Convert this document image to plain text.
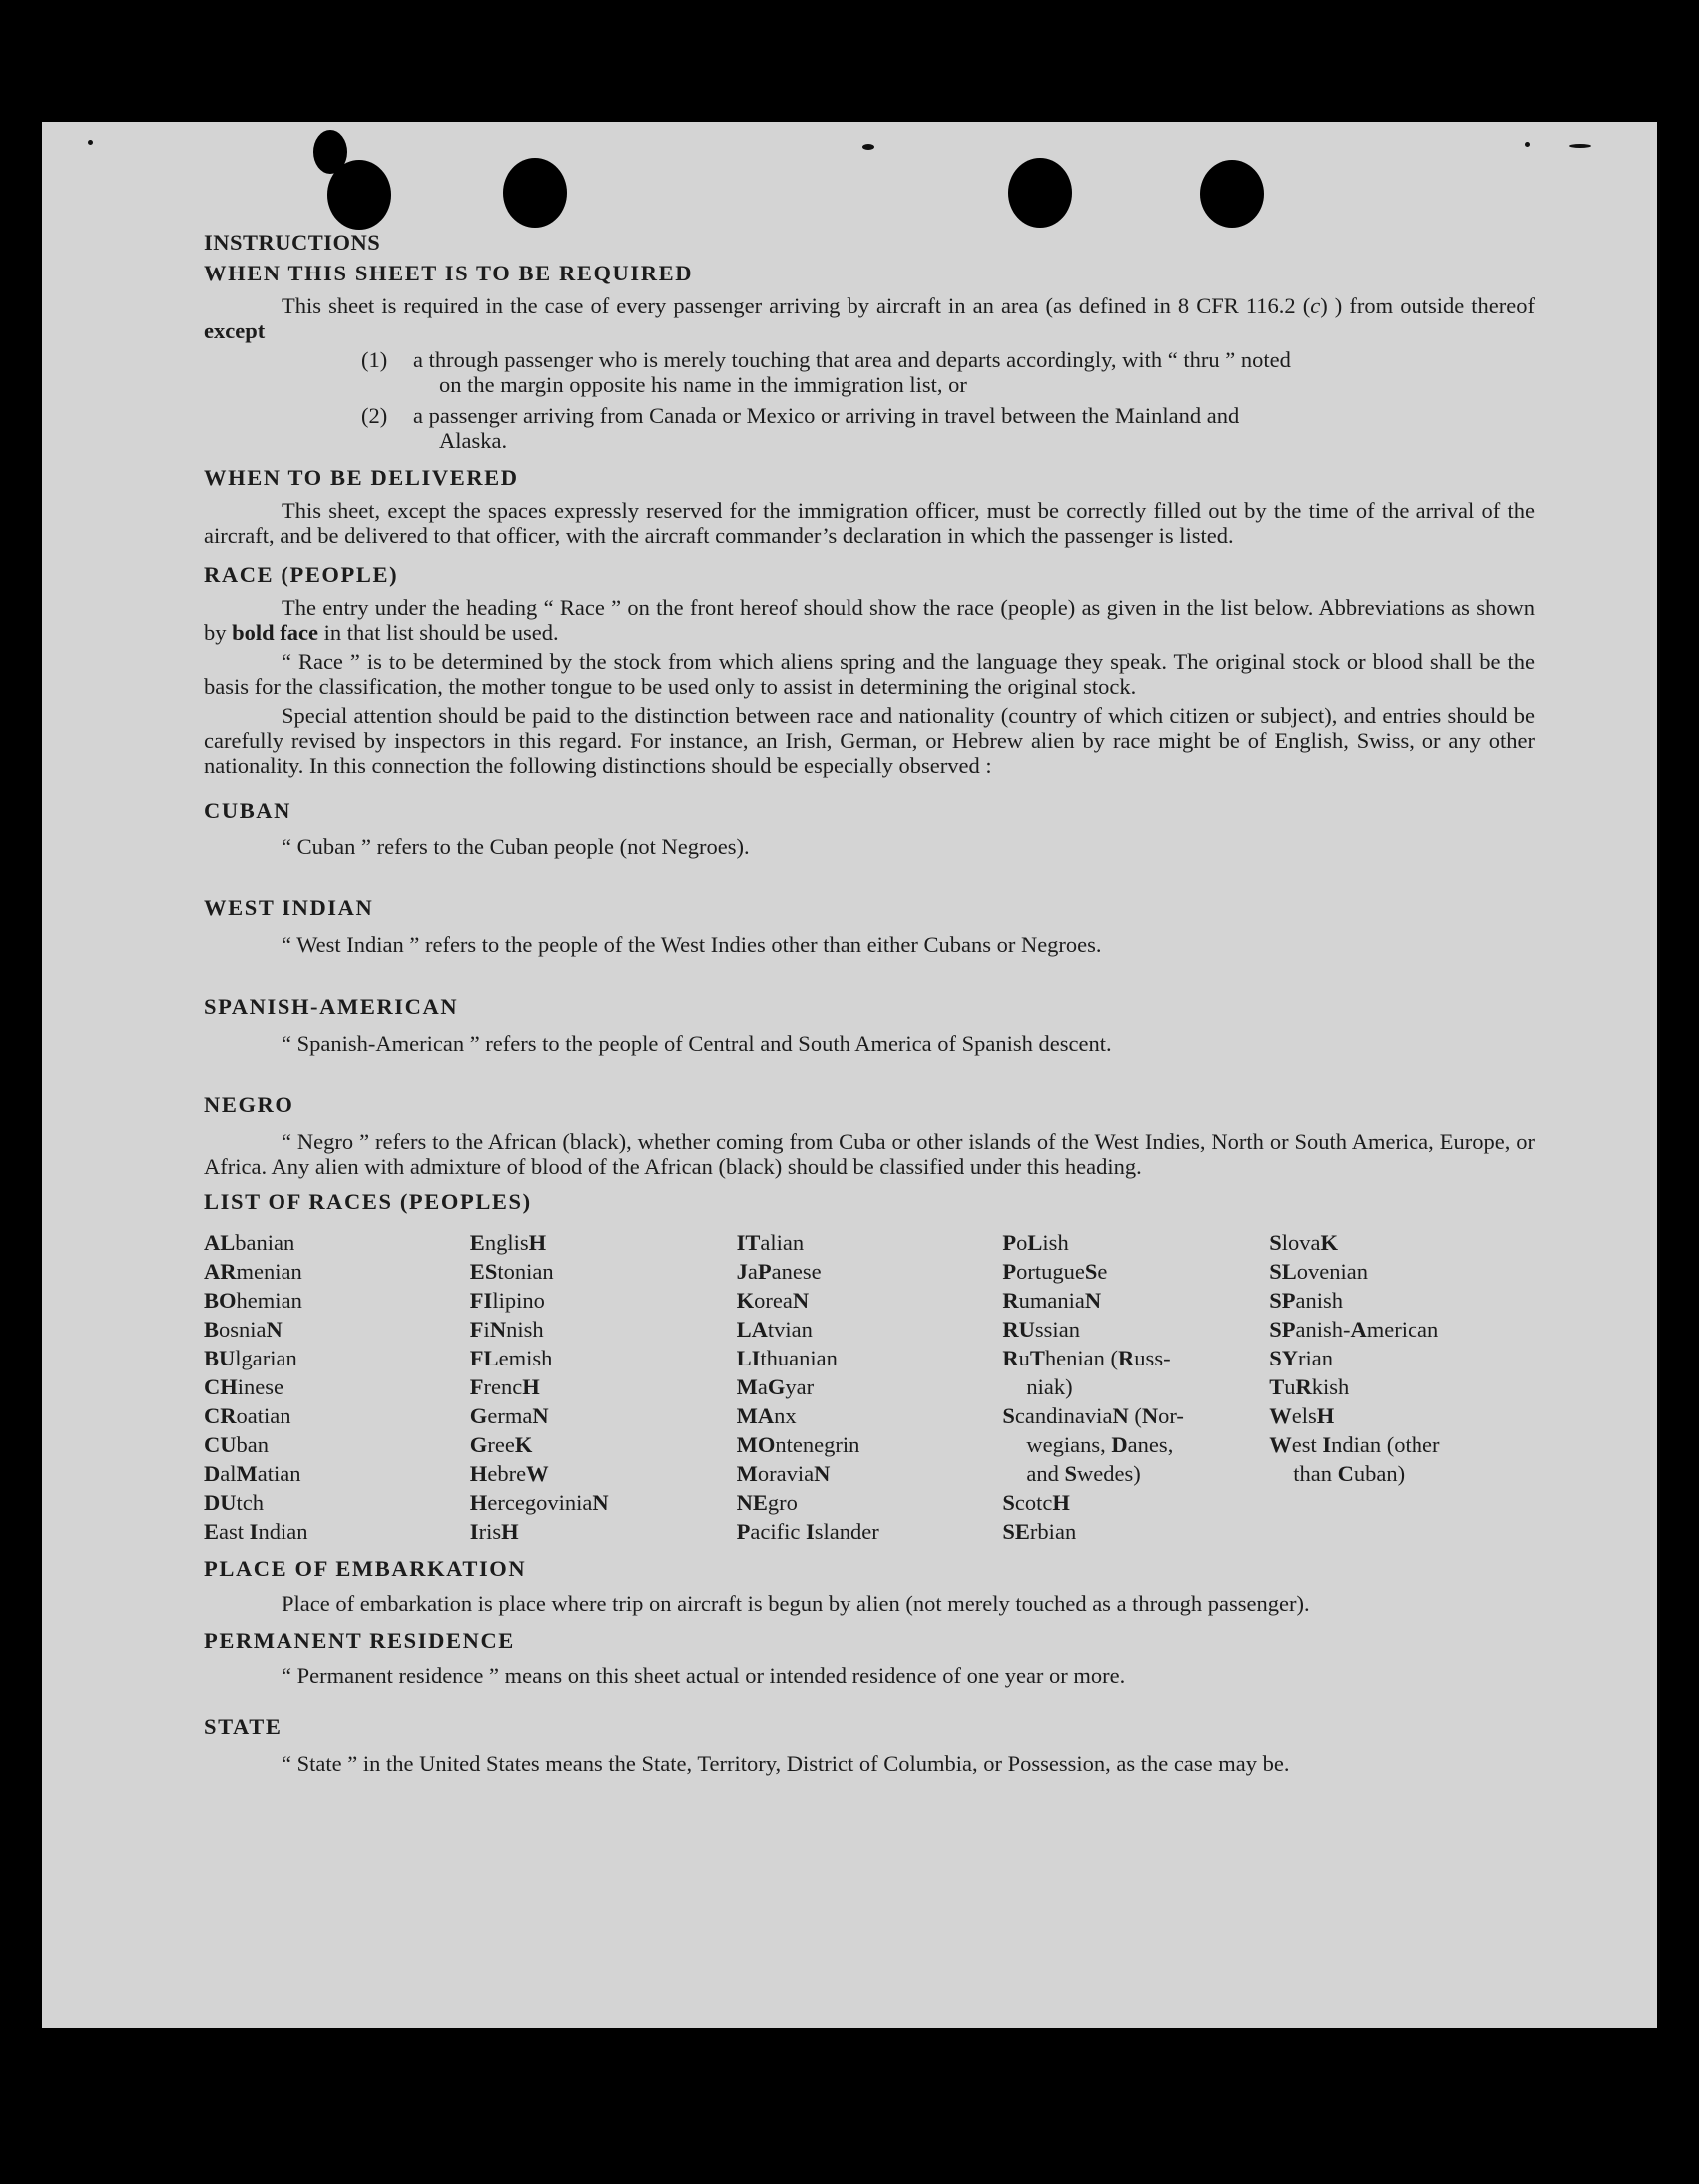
INSTRUCTIONS

WHEN THIS SHEET IS TO BE REQUIRED

This sheet is required in the case of every passenger arriving by aircraft in an area (as defined in 8 CFR 116.2 (c) ) from outside thereof except

(1)	a through passenger who is merely touching that area and departs accordingly, with “ thru ” noted
on the margin opposite his name in the immigration list, or
(2)	a passenger arriving from Canada or Mexico or arriving in travel between the Mainland and
Alaska.

WHEN TO BE DELIVERED

This sheet, except the spaces expressly reserved for the immigration officer, must be correctly filled out by the time of the arrival of the aircraft, and be delivered to that officer, with the aircraft commander’s declaration in which the passenger is listed.

RACE (PEOPLE)

The entry under the heading “ Race ” on the front hereof should show the race (people) as given in the list below. Abbreviations as shown by bold face in that list should be used.

“ Race ” is to be determined by the stock from which aliens spring and the language they speak. The original stock or blood shall be the basis for the classification, the mother tongue to be used only to assist in determining the original stock.

Special attention should be paid to the distinction between race and nationality (country of which citizen or subject), and entries should be carefully revised by inspectors in this regard. For instance, an Irish, German, or Hebrew alien by race might be of English, Swiss, or any other nationality. In this connection the following distinctions should be especially observed :

CUBAN

“ Cuban ” refers to the Cuban people (not Negroes).

WEST INDIAN

“ West Indian ” refers to the people of the West Indies other than either Cubans or Negroes.

SPANISH-AMERICAN

“ Spanish-American ” refers to the people of Central and South America of Spanish descent.

NEGRO

“ Negro ” refers to the African (black), whether coming from Cuba or other islands of the West Indies, North or South America, Europe, or Africa. Any alien with admixture of blood of the African (black) should be classified under this heading.

LIST OF RACES (PEOPLES)

ALbanian
ARmenian
BOhemian
BosniaN
BUlgarian
CHinese
CRoatian
CUban
DalMatian
DUtch
East Indian
EnglisH
EStonian
FIlipino
FiNnish
FLemish
FrencH
GermaN
GreeK
HebreW
HercegoviniaN
IrisH
ITalian
JaPanese
KoreaN
LAtvian
LIthuanian
MaGyar
MAnx
MOntenegrin
MoraviaN
NEgro
Pacific Islander
PoLish
PortugueSe
RumaniaN
RUssian
RuThenian (Russ-
niak)
ScandinaviaN (Nor-
wegians, Danes,
and Swedes)
ScotcH
SErbian
SlovaK
SLovenian
SPanish
SPanish-American
SYrian
TuRkish
WelsH
West Indian (other
than Cuban)

PLACE OF EMBARKATION

Place of embarkation is place where trip on aircraft is begun by alien (not merely touched as a through passenger).

PERMANENT RESIDENCE

“ Permanent residence ” means on this sheet actual or intended residence of one year or more.

STATE

“ State ” in the United States means the State, Territory, District of Columbia, or Possession, as the case may be.
